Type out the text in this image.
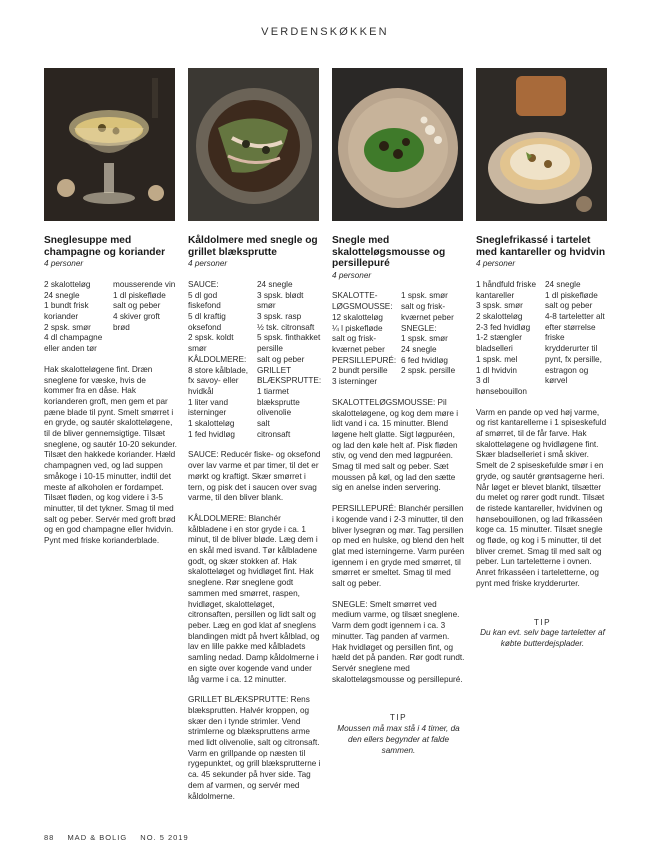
VERDENSKØKKEN
Sneglesuppe med champagne og koriander
4 personer
2 skalotteløg
24 snegle
1 bundt frisk koriander
2 spsk. smør
4 dl champagne eller anden tør
mousserende vin
1 dl piskefløde
salt og peber
4 skiver groft brød

Hak skalotteløgene fint. Dræn sneglene for væske, hvis de kommer fra en dåse. Hak korianderen groft, men gem et par pæne blade til pynt. Smelt smørret i en gryde, og sautér skalotteløgene, til de bliver gennemsigtige. Tilsæt sneglene, og sautér 10-20 sekunder. Tilsæt den hakkede koriander. Hæld champagnen ved, og lad suppen småkoge i 10-15 minutter, indtil det meste af alkoholen er fordampet. Tilsæt fløden, og kog videre i 3-5 minutter, til det tykner. Smag til med salt og peber. Servér med groft brød og en god champagne eller hvidvin. Pynt med friske korianderblade.

Kåldolmere med snegle og grillet blæksprutte
4 personer
SAUCE:
5 dl god fiskefond
5 dl kraftig oksefond
2 spsk. koldt smør
KÅLDOLMERE:
8 store kålblade, fx savoy- eller hvidkål
1 liter vand
isterninger
1 skalotteløg
1 fed hvidløg
24 snegle
3 spsk. blødt smør
3 spsk. rasp
½ tsk. citronsaft
5 spsk. finthakket persille
salt og peber
GRILLET BLÆKSPRUTTE:
1 tiarmet blæksprutte
olivenolie
salt
citronsaft

SAUCE: Reducér fiske- og oksefond over lav varme et par timer, til det er mørkt og kraftigt. Skær smørret i tern, og pisk det i saucen over svag varme, til den bliver blank.

KÅLDOLMERE: Blanchér kålbladene i en stor gryde i ca. 1 minut, til de bliver bløde. Læg dem i en skål med isvand. Tør kålbladene godt, og skær stokken af. Hak skalotteløget og hvidløget fint. Hak sneglene. Rør sneglene godt sammen med smørret, raspen, hvidløget, skalotteløget, citronsaften, persillen og lidt salt og peber. Læg en god klat af sneglens blandingen midt på hvert kålblad, og lav en lille pakke med kålbladets samling nedad. Damp kåldolmerne i en sigte over kogende vand under låg varme i ca. 12 minutter.

GRILLET BLÆKSPRUTTE: Rens blæksprutten. Halvér kroppen, og skær den i tynde strimler. Vend strimlerne og blækspruttens arme med lidt olivenolie, salt og citronsaft. Varm en grillpande op næsten til rygepunktet, og grill blæksprutterne i ca. 45 sekunder på hver side. Tag dem af varmen, og servér med kåldolmerne.

Snegle med skalotteløgsmousse og persillepuré
4 personer
SKALOTTE-LØGSMOUSSE:
12 skalotteløg
¼ l piskefløde
salt og frisk-kværnet peber
PERSILLEPURÉ:
2 bundt persille
3 isterninger
1 spsk. smør
salt og frisk-kværnet peber
SNEGLE:
1 spsk. smør
24 snegle
6 fed hvidløg
2 spsk. persille

SKALOTTELØGSMOUSSE: Pil skalotteløgene, og kog dem møre i lidt vand i ca. 15 minutter. Blend løgene helt glatte. Sigt løgpuréen, og lad den køle helt af. Pisk fløden stiv, og vend den med løgpuréen. Smag til med salt og peber. Sæt moussen på køl, og lad den sætte sig en anelse inden servering.

PERSILLEPURÉ: Blanchér persillen i kogende vand i 2-3 minutter, til den bliver lysegrøn og mør. Tag persillen op med en hulske, og blend den helt glat med isterningerne. Varm puréen igennem i en gryde med smørret, til smørret er smeltet. Smag til med salt og peber.

SNEGLE: Smelt smørret ved medium varme, og tilsæt sneglene. Varm dem godt igennem i ca. 3 minutter. Tag panden af varmen. Hak hvidløget og persillen fint, og hæld det på panden. Rør godt rundt. Servér sneglene med skalotteløgsmousse og persillepuré.

TIP
Moussen må max stå i 4 timer, da den ellers begynder at falde sammen.
Sneglefrikassé i tartelet med kantareller og hvidvin
4 personer
1 håndfuld friske kantareller
3 spsk. smør
2 skalotteløg
2-3 fed hvidløg
1-2 stængler bladselleri
1 spsk. mel
1 dl hvidvin
3 dl hønsebouillon
24 snegle
1 dl piskefløde
salt og peber
4-8 tarteletter alt efter størrelse
friske krydderurter til pynt, fx persille, estragon og kørvel

Varm en pande op ved høj varme, og rist kantarellerne i 1 spiseskefuld af smørret, til de får farve. Hak skalotteløgene og hvidløgene fint. Skær bladselleriet i små skiver. Smelt de 2 spiseskefulde smør i en gryde, og sautér grøntsagerne heri. Når løget er blevet blankt, tilsætter du melet og rører godt rundt. Tilsæt de ristede kantareller, hvidvinen og hønsebouillonen, og lad frikasséen koge ca. 15 minutter. Tilsæt snegle og fløde, og kog i 5 minutter, til det bliver cremet. Smag til med salt og peber. Lun tarteletterne i ovnen. Anret frikasséen i tarteletterne, og pynt med friske krydderurter.

TIP
Du kan evt. selv bage tarteletter af købte butterdejsplader.
88 MAD & BOLIG NO. 5 2019
